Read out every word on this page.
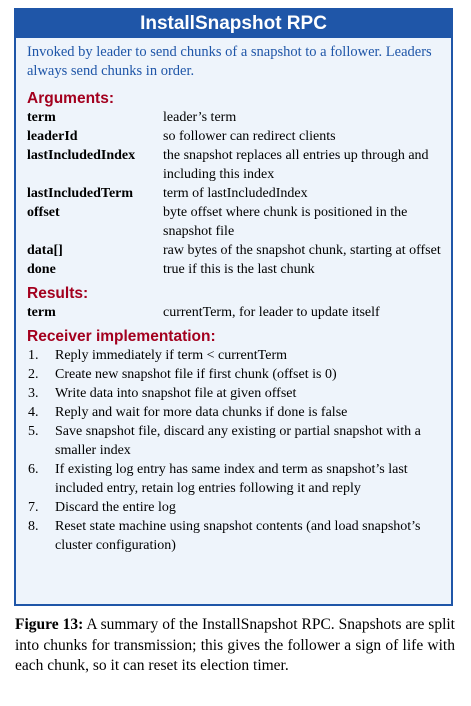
InstallSnapshot RPC
Invoked by leader to send chunks of a snapshot to a follower. Leaders always send chunks in order.
Arguments:
term	leader’s term
leaderId	so follower can redirect clients
lastIncludedIndex	the snapshot replaces all entries up through and including this index
lastIncludedTerm	term of lastIncludedIndex
offset	byte offset where chunk is positioned in the snapshot file
data[]	raw bytes of the snapshot chunk, starting at offset
done	true if this is the last chunk
Results:
term	currentTerm, for leader to update itself
Receiver implementation:
1.	Reply immediately if term < currentTerm
2.	Create new snapshot file if first chunk (offset is 0)
3.	Write data into snapshot file at given offset
4.	Reply and wait for more data chunks if done is false
5.	Save snapshot file, discard any existing or partial snapshot with a smaller index
6.	If existing log entry has same index and term as snapshot’s last included entry, retain log entries following it and reply
7.	Discard the entire log
8.	Reset state machine using snapshot contents (and load snapshot’s cluster configuration)
Figure 13: A summary of the InstallSnapshot RPC. Snapshots are split into chunks for transmission; this gives the follower a sign of life with each chunk, so it can reset its election timer.
